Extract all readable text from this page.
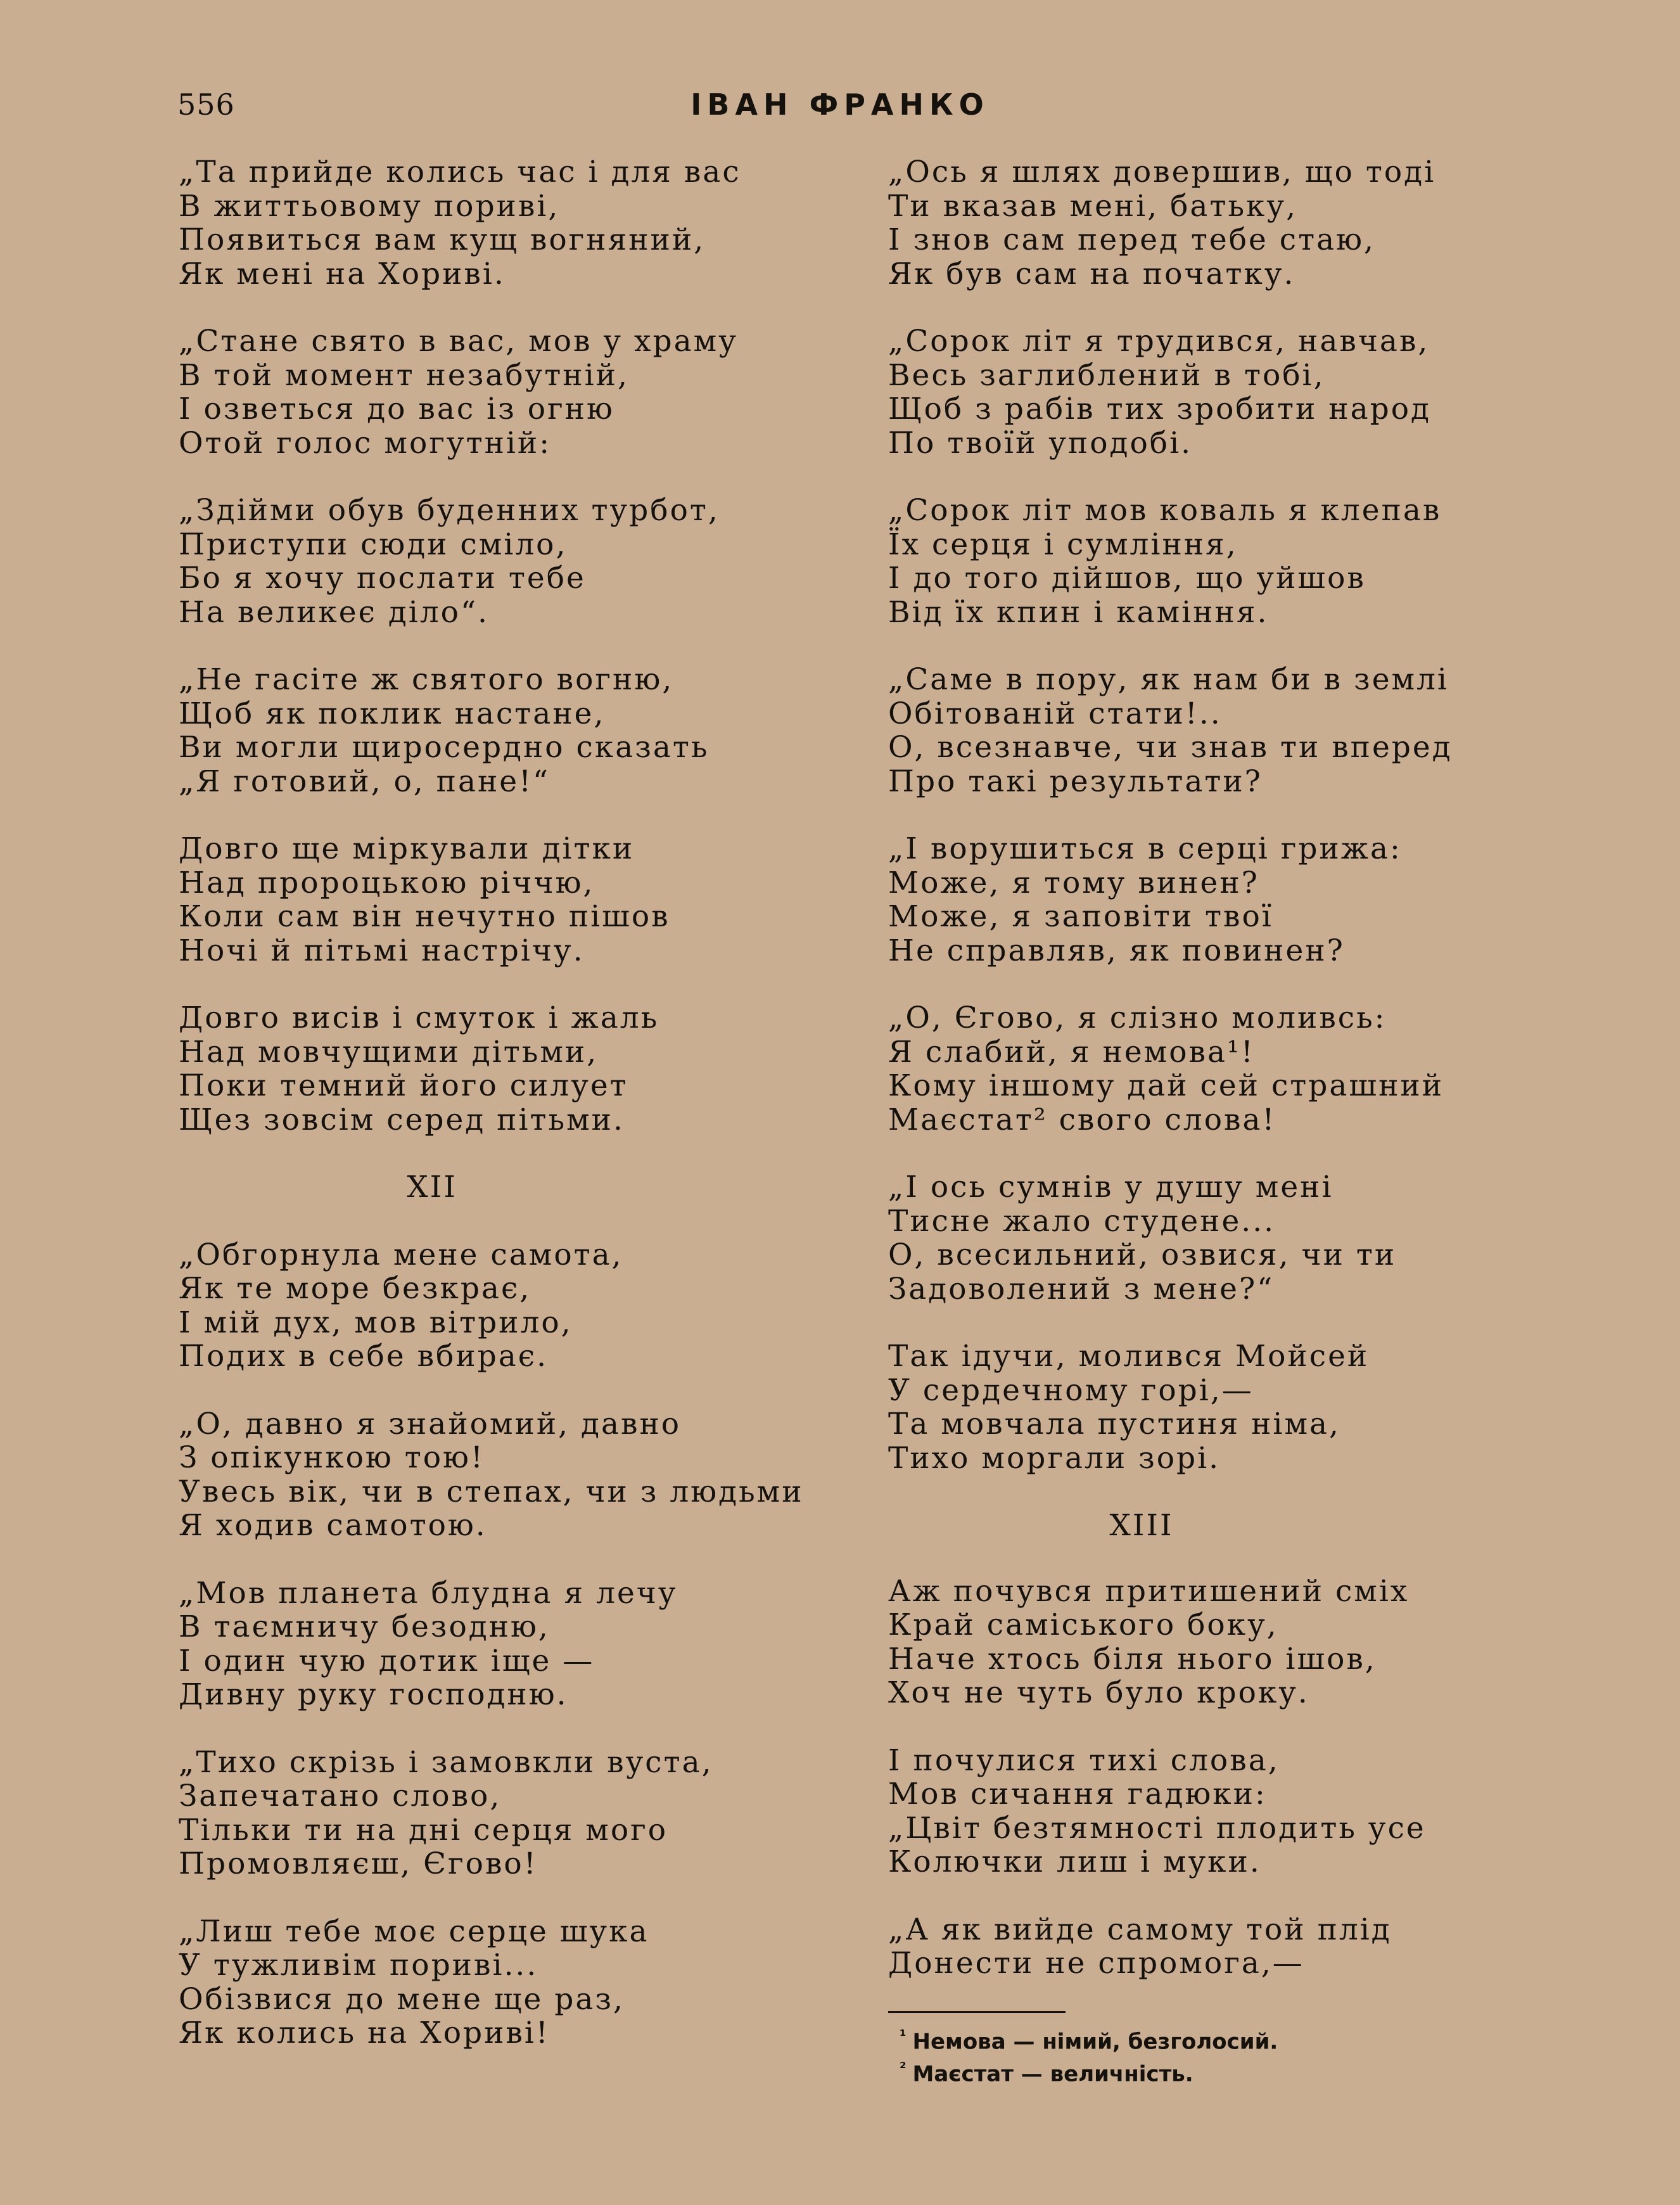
556	ІВАН ФРАНКО
„Та прийде колись час і для вас
В життьовому пориві,
Появиться вам кущ вогняний,
Як мені на Хориві.
„Стане свято в вас, мов у храму
В той момент незабутній,
І озветься до вас із огню
Отой голос могутній:
„Здійми обув буденних турбот,
Приступи сюди сміло,
Бо я хочу послати тебе
На великеє діло“.
„Не гасіте ж святого вогню,
Щоб як поклик настане,
Ви могли щиросердно сказать
„Я готовий, о, пане!“
Довго ще міркували дітки
Над пророцькою річчю,
Коли сам він нечутно пішов
Ночі й пітьмі настрічу.
Довго висів і смуток і жаль
Над мовчущими дітьми,
Поки темний його силует
Щез зовсім серед пітьми.
XII
„Обгорнула мене самота,
Як те море безкрає,
І мій дух, мов вітрило,
Подих в себе вбирає.
„О, давно я знайомий, давно
З опікункою тою!
Увесь вік, чи в степах, чи з людьми
Я ходив самотою.
„Мов планета блудна я лечу
В таємничу безодню,
І один чую дотик іще —
Дивну руку господню.
„Тихо скрізь і замовкли вуста,
Запечатано слово,
Тільки ти на дні серця мого
Промовляєш, Єгово!
„Лиш тебе моє серце шука
У тужливім пориві...
Обізвися до мене ще раз,
Як колись на Хориві!
„Ось я шлях довершив, що тоді
Ти вказав мені, батьку,
І знов сам перед тебе стаю,
Як був сам на початку.
„Сорок літ я трудився, навчав,
Весь заглиблений в тобі,
Щоб з рабів тих зробити народ
По твоїй уподобі.
„Сорок літ мов коваль я клепав
Їх серця і сумління,
І до того дійшов, що уйшов
Від їх кпин і каміння.
„Саме в пору, як нам би в землі
Обітованій стати!..
О, всезнавче, чи знав ти вперед
Про такі результати?
„І ворушиться в серці грижа:
Може, я тому винен?
Може, я заповіти твої
Не справляв, як повинен?
„О, Єгово, я слізно моливсь:
Я слабий, я немова¹!
Кому іншому дай сей страшний
Маєстат² свого слова!
„І ось сумнів у душу мені
Тисне жало студене...
О, всесильний, озвися, чи ти
Задоволений з мене?“
Так ідучи, молився Мойсей
У сердечному горі,—
Та мовчала пустиня німа,
Тихо моргали зорі.
XIII
Аж почувся притишений сміх
Край саміського боку,
Наче хтось біля нього ішов,
Хоч не чуть було кроку.
І почулися тихі слова,
Мов сичання гадюки:
„Цвіт безтямності плодить усе
Колючки лиш і муки.
„А як вийде самому той плід
Донести не спромога,—
$^{^1}$ Немова — німий, безголосий.
$^{^2}$ Маєстат — величність.
